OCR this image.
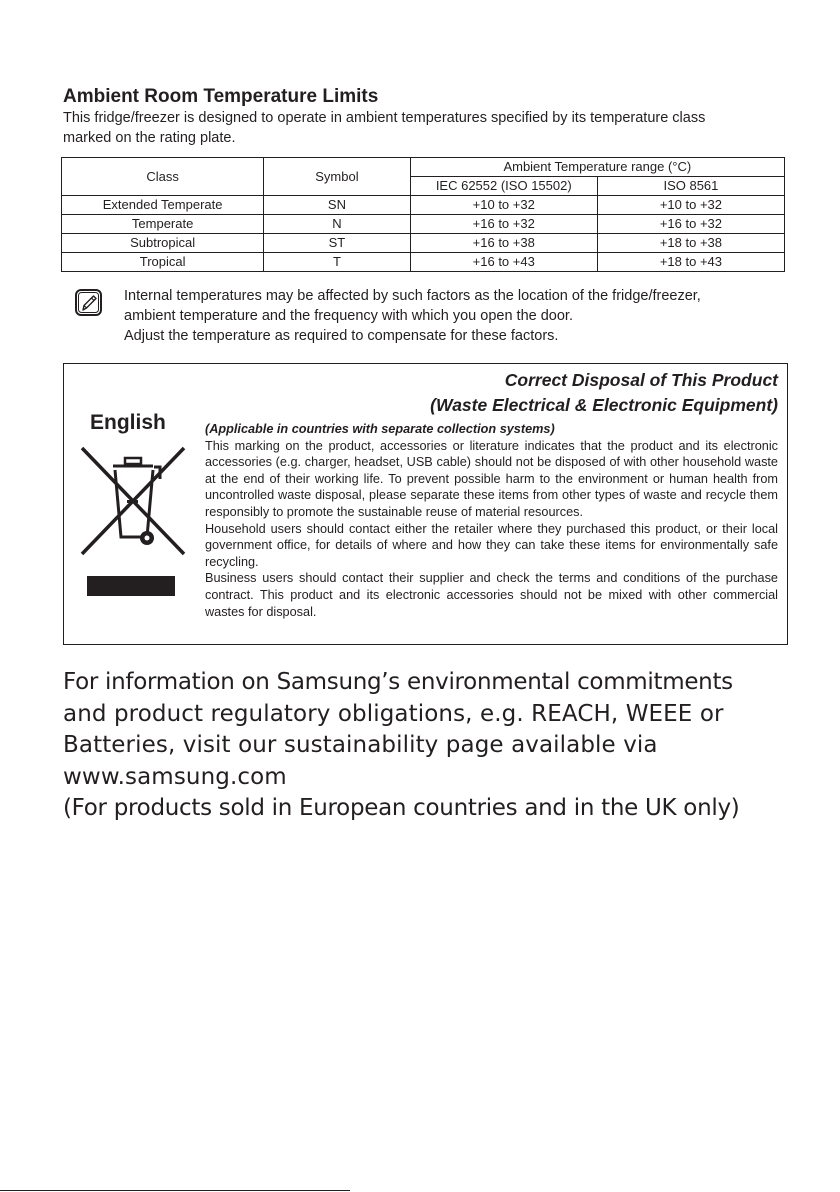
Ambient Room Temperature Limits

This fridge/freezer is designed to operate in ambient temperatures specified by its temperature class
marked on the rating plate.

Class	Symbol	Ambient Temperature range (°C)	
		IEC 62552 (ISO 15502)	ISO 8561
Extended Temperate	SN	+10 to +32	+10 to +32
Temperate	N	+16 to +32	+16 to +32
Subtropical	ST	+16 to +38	+18 to +38
Tropical	T	+16 to +43	+18 to +43

Internal temperatures may be affected by such factors as the location of the fridge/freezer,
ambient temperature and the frequency with which you open the door.
Adjust the temperature as required to compensate for these factors.

Correct Disposal of This Product
(Waste Electrical & Electronic Equipment)
English	(Applicable in countries with separate collection systems)
This marking on the product, accessories or literature indicates that the product and its electronic accessories (e.g. charger, headset, USB cable) should not be disposed of with other household waste at the end of their working life. To prevent possible harm to the environment or human health from uncontrolled waste disposal, please separate these items from other types of waste and recycle them responsibly to promote the sustainable reuse of material resources.
Household users should contact either the retailer where they purchased this product, or their local government office, for details of where and how they can take these items for environmentally safe recycling.
Business users should contact their supplier and check the terms and conditions of the purchase contract. This product and its electronic accessories should not be mixed with other commercial wastes for disposal.

For information on Samsung’s environmental commitments
and product regulatory obligations, e.g. REACH, WEEE or
Batteries, visit our sustainability page available via
www.samsung.com
(For products sold in European countries and in the UK only)
